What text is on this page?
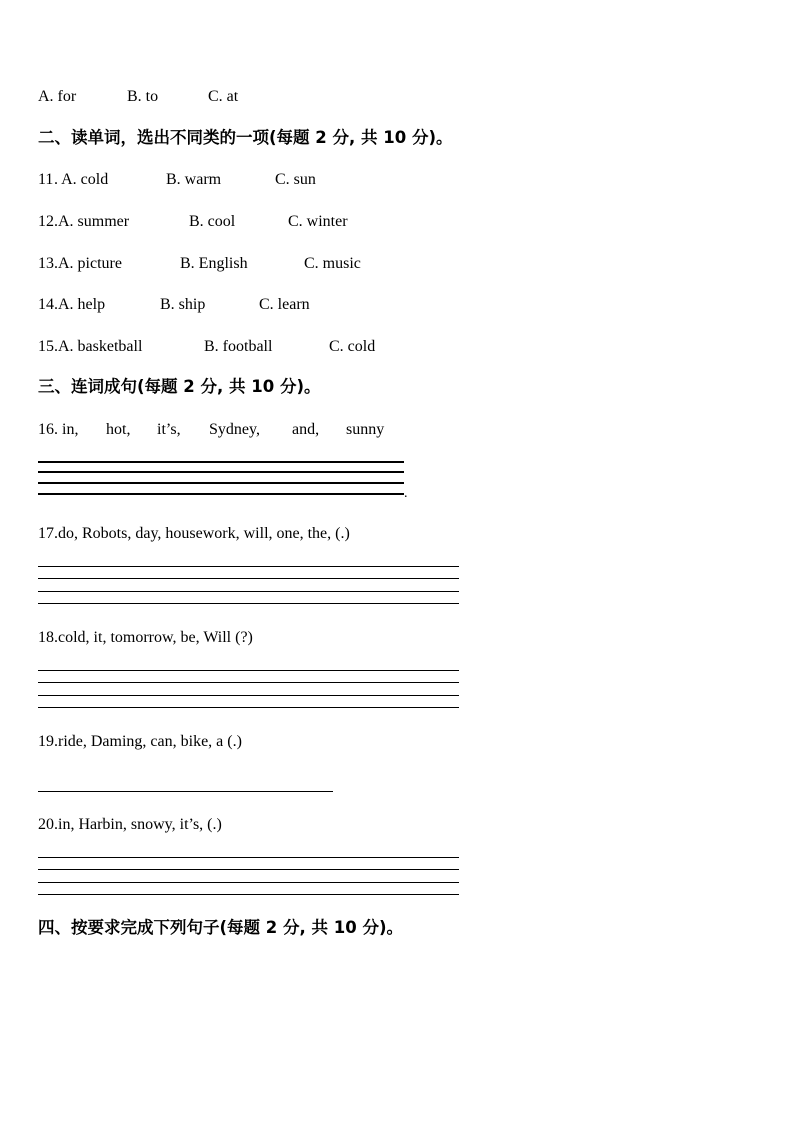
A. for	B. to	C. at
二、读单词，选出不同类的一项(每题 2 分, 共 10 分)。
11 . A. cold	B. warm	C. sun
12 .A. summer	B. cool	C. winter
13 .A. picture	B. English	C. music
14 .A. help	B. ship	C. learn
15 .A. basketball	B. football	C. cold
三、连词成句(每题 2 分, 共 10 分)。
16 . in, hot, it’s, Sydney, and, sunny
.
17 .do, Robots, day, housework, will, one, the, (.)
18 .cold, it, tomorrow, be, Will (?)
19 .ride, Daming, can, bike, a (.)
20 .in, Harbin, snowy, it’s, (.)
四、按要求完成下列句子(每题 2 分, 共 10 分)。
